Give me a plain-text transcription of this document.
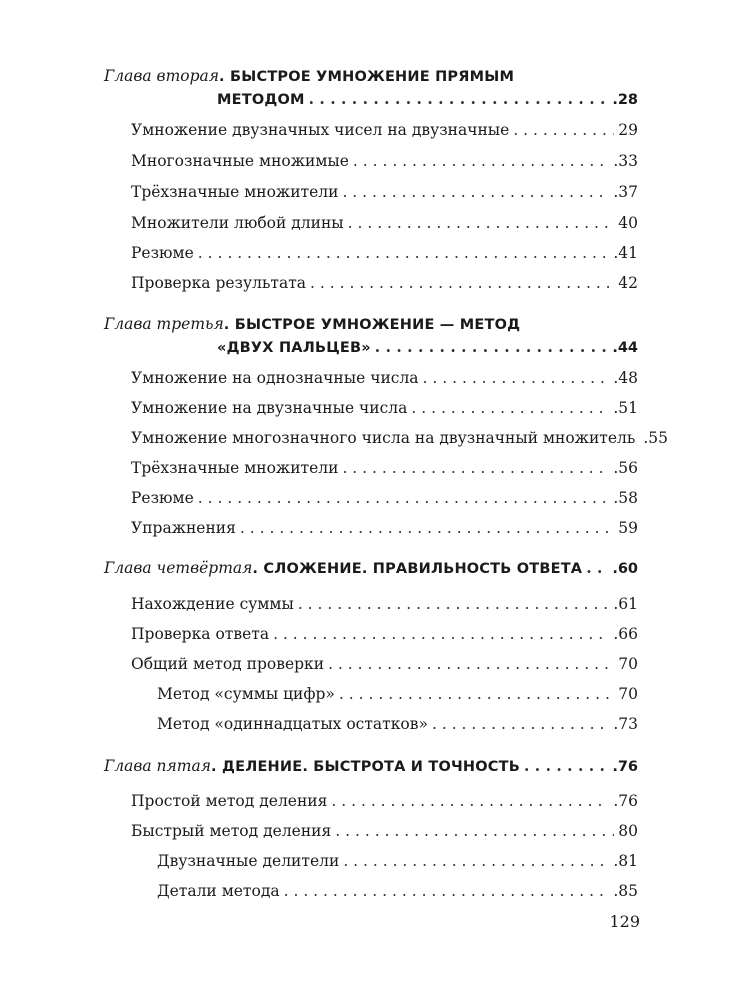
Глава вторая . БЫСТРОЕ УМНОЖЕНИЕ ПРЯМЫМ
МЕТОДОМ . . .	.28
Умножение двузначных чисел на двузначные . . .	29
Многозначные множимые . . .	.33
Трёхзначные множители . . .	.37
Множители любой длины . . .	40
Резюме . . .	.41
Проверка результата . . .	42
Глава третья . БЫСТРОЕ УМНОЖЕНИЕ — МЕТОД
«ДВУХ ПАЛЬЦЕВ» . . .	.44
Умножение на однозначные числа . . .	.48
Умножение на двузначные числа . . .	.51
Умножение многозначного числа на двузначный множитель .55
Трёхзначные множители . . .	.56
Резюме . . .	.58
Упражнения . . .	59
Глава четвёртая . СЛОЖЕНИЕ. ПРАВИЛЬНОСТЬ ОТВЕТА . . . .60
Нахождение суммы . . .	.61
Проверка ответа . . .	.66
Общий метод проверки . . .	70
Метод «суммы цифр» . . .	70
Метод «одиннадцатых остатков» . . .	.73
Глава пятая . ДЕЛЕНИЕ. БЫСТРОТА И ТОЧНОСТЬ . . .	.76
Простой метод деления . . .	.76
Быстрый метод деления . . .	80
Двузначные делители . . .	.81
Детали метода . . .	.85
129
